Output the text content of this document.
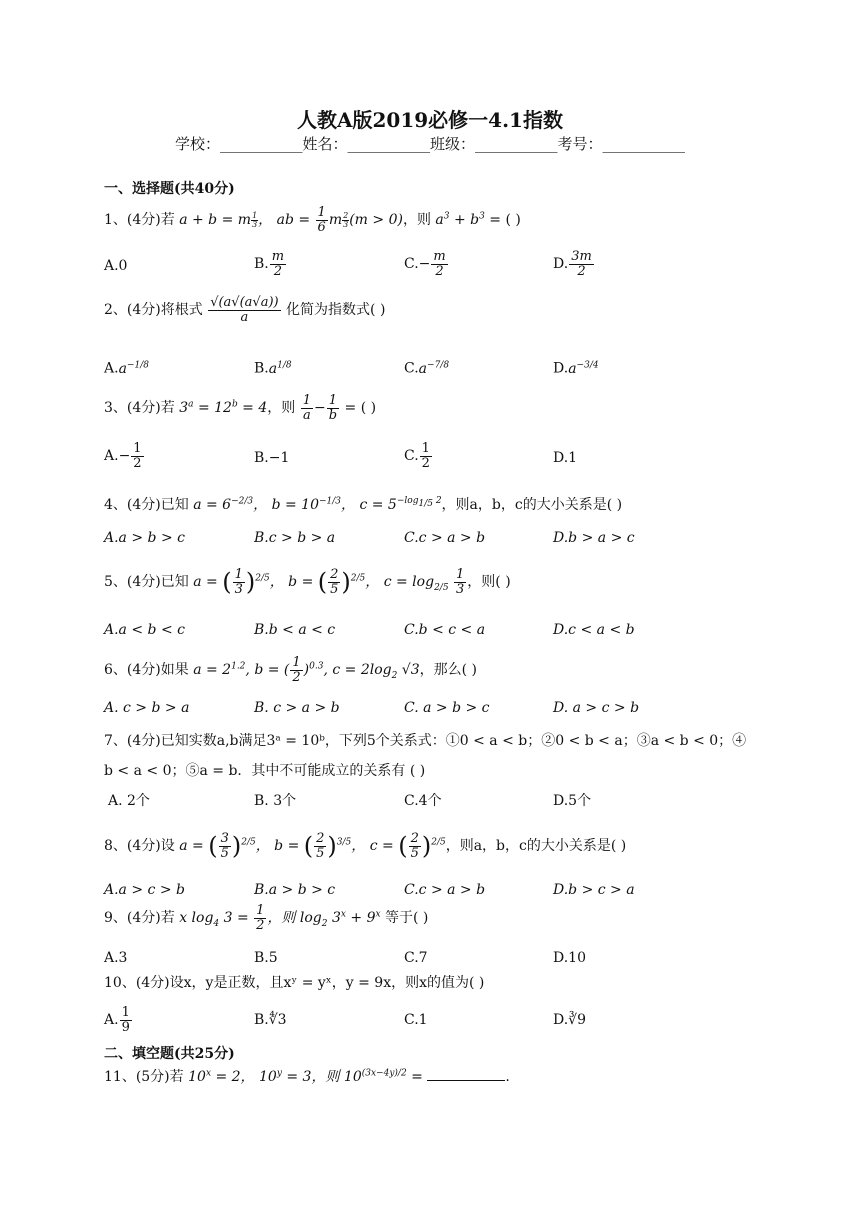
人教A版2019必修一4.1指数
学校：___________姓名：___________班级：___________考号：___________
一、选择题(共40分)
1、(4分)若 a + b = m $\frac{1}{3}$ ， ab = $\frac{1}{6}$ m $\frac{2}{3} (m > 0)$，则 $a^3 + b^3$ = ( )
A.0	B. $\frac{m}{2}$	$C.- \frac{m}{2}$	D. $\frac{3m}{2}$
2、(4分)将根式 $\frac{√(a√(a√a))}{a}$ 化简为指数式( )
$A.a^{-1/8}$	$B.a^{1/8}$	$C.a^{-7/8}$	$D.a^{-3/4}$
3、(4分)若 $3^a = 12^b = 4$，则 $\frac{1}{a} - \frac{1}{b}$ = ( )
$A.- \frac{1}{2}$	B.−1	C. $\frac{1}{2}$	D.1
4、(4分)已知 $a = 6^{-2/3}$， $b = 10^{-1/3}$， $c = 5^{-log_{1/5} 2}$，则a，b，c的大小关系是( )
A.a > b > c	B.c > b > a	C.c > a > b	D.b > a > c
5、(4分)已知 a = ( $\frac{1}{3} )^{2/5}$， b = ( $\frac{2}{5} )^{2/5}$， $c = \log_{2/5} \frac{1}{3}$ ，则( )
A.a < b < c	B.b < a < c	C.b < c < a	D.c < a < b
6、(4分)如果 $a = 2^{1.2}$, b = ( $\frac{1}{2} )^{0.3}$, $c = 2\log_2$ √3，那么( )
A. c > b > a	B. c > a > b	C. a > b > c	D. a > c > b
7、(4分)已知实数a,b满足3ᵃ = 10ᵇ，下列5个关系式：①0 < a < b；②0 < b < a；③a < b < 0；④
b < a < 0；⑤a = b．其中不可能成立的关系有 ( )
A. 2个	B. 3个	C.4个	D.5个
8、(4分)设 a = ( $\frac{3}{5} )^{2/5}$， b = ( $\frac{2}{5} )^{3/5}$， c = ( $\frac{2}{5} )^{2/5}$，则a，b，c的大小关系是( )
A.a > c > b	B.a > b > c	C.c > a > b	D.b > c > a
9、(4分)若 x $\log_4 3 = \frac{1}{2}$ ，则 $\log_2 3^x + 9^x$ 等于( )
A.3	B.5	C.7	D.10
10、(4分)设x，y是正数，且xʸ = yˣ，y = 9x，则x的值为( )
A. $\frac{1}{9}$	B.∜3	C.1	D.∛9
二、填空题(共25分)
11、(5分)若 $10^x = 2$， $10^y = 3$，则 $10^{(3x-4y)/2}$ =	.
